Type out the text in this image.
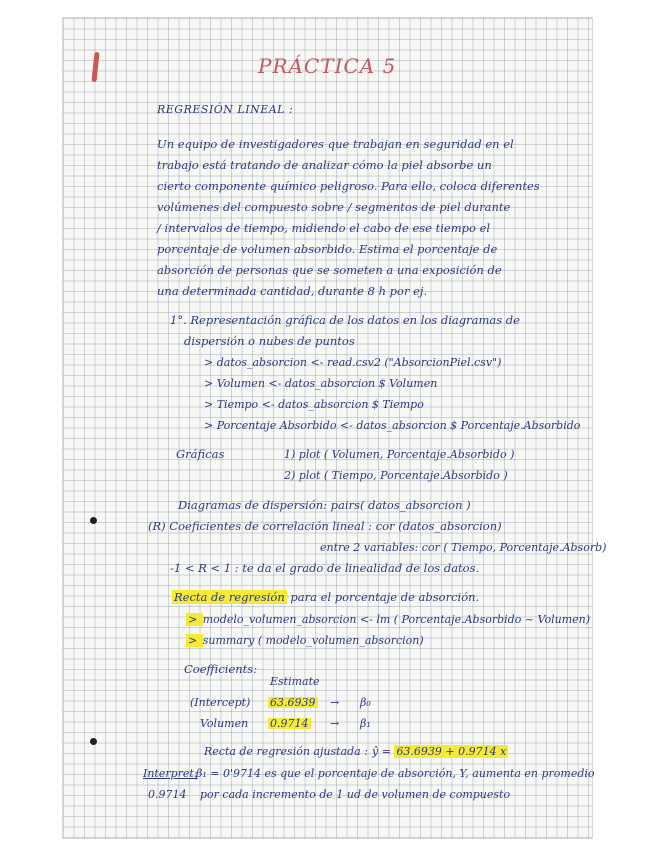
PRÁCTICA 5
REGRESIÓN LINEAL :
Un equipo de investigadores que trabajan en seguridad en el
trabajo está tratando de analizar cómo la piel absorbe un
cierto componente químico peligroso. Para ello, coloca diferentes
volúmenes del compuesto sobre / segmentos de piel durante
/ intervalos de tiempo, midiendo el cabo de ese tiempo el
porcentaje de volumen absorbido. Estima el porcentaje de
absorción de personas que se someten a una exposición de
una determinada cantidad, durante 8 h por ej.
1°. Representación gráfica de los datos en los diagramas de
dispersión o nubes de puntos
> datos_absorcion <- read.csv2 ("AbsorcionPiel.csv")
> Volumen <- datos_absorcion $ Volumen
> Tiempo <- datos_absorcion $ Tiempo
> Porcentaje Absorbido <- datos_absorcion $ Porcentaje.Absorbido
Gráficas	1) plot ( Volumen, Porcentaje.Absorbido )
2) plot ( Tiempo, Porcentaje.Absorbido )
Diagramas de dispersión: pairs( datos_absorcion )
(R) Coeficientes de correlación lineal : cor (datos_absorcion)
entre 2 variables: cor ( Tiempo, Porcentaje.Absorb)
-1 < R < 1 : te da el grado de linealidad de los datos.
Recta de regresión para el porcentaje de absorción.
> modelo_volumen_absorcion <- lm ( Porcentaje.Absorbido ~ Volumen)
> summary ( modelo_volumen_absorcion)
Coefficients:
Estimate
(Intercept) 63.6939 → β₀
Volumen 0.9714 → β₁
Recta de regresión ajustada : ŷ = 63.6939 + 0.9714 x
Interpret:
β₁ = 0'9714 es que el porcentaje de absorción, Y, aumenta en promedio
0.9714 por cada incremento de 1 ud de volumen de compuesto
